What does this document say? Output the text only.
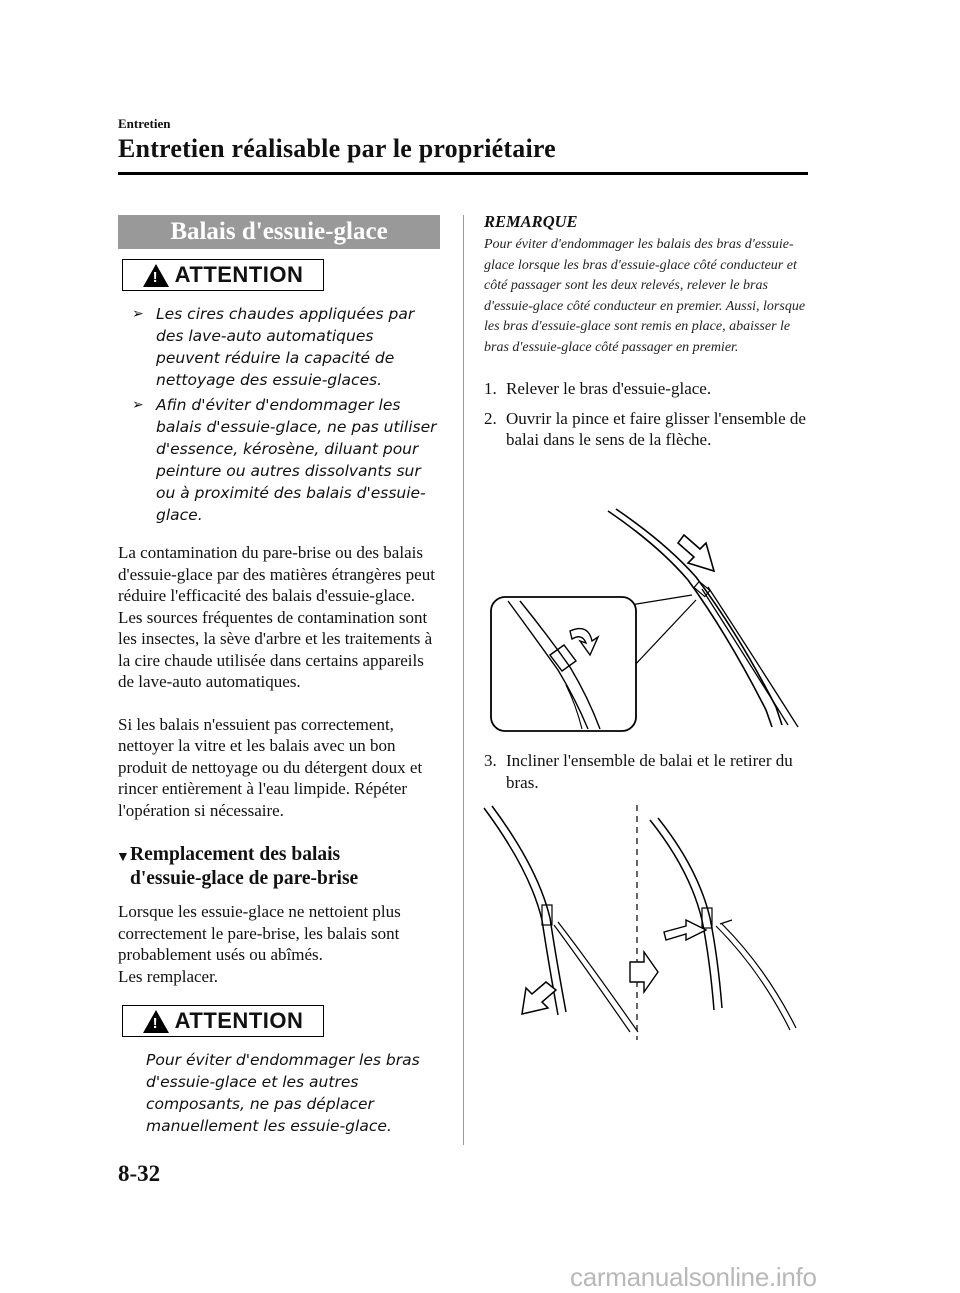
Entretien
Entretien réalisable par le propriétaire
Balais d'essuie-glace
!
ATTENTION
➢ Les cires chaudes appliquées par des lave-auto automatiques peuvent réduire la capacité de nettoyage des essuie-glaces.
➢ Afin d'éviter d'endommager les balais d'essuie-glace, ne pas utiliser d'essence, kérosène, diluant pour peinture ou autres dissolvants sur ou à proximité des balais d'essuie-glace.

La contamination du pare-brise ou des balais d'essuie-glace par des matières étrangères peut réduire l'efficacité des balais d'essuie-glace. Les sources fréquentes de contamination sont les insectes, la sève d'arbre et les traitements à la cire chaude utilisée dans certains appareils de lave-auto automatiques.

Si les balais n'essuient pas correctement, nettoyer la vitre et les balais avec un bon produit de nettoyage ou du détergent doux et rincer entièrement à l'eau limpide. Répéter l'opération si nécessaire.

▼ Remplacement des balais
d'essuie-glace de pare-brise

Lorsque les essuie-glace ne nettoient plus correctement le pare-brise, les balais sont probablement usés ou abîmés.

Les remplacer.

!
ATTENTION

Pour éviter d'endommager les bras d'essuie-glace et les autres composants, ne pas déplacer manuellement les essuie-glace.

REMARQUE

Pour éviter d'endommager les balais des bras d'essuie-glace lorsque les bras d'essuie-glace côté conducteur et côté passager sont les deux relevés, relever le bras d'essuie-glace côté conducteur en premier. Aussi, lorsque les bras d'essuie-glace sont remis en place, abaisser le bras d'essuie-glace côté passager en premier.

1. Relever le bras d'essuie-glace.
2. Ouvrir la pince et faire glisser l'ensemble de balai dans le sens de la flèche.
3. Incliner l'ensemble de balai et le retirer du bras.
8-32
carmanualsonline.info
